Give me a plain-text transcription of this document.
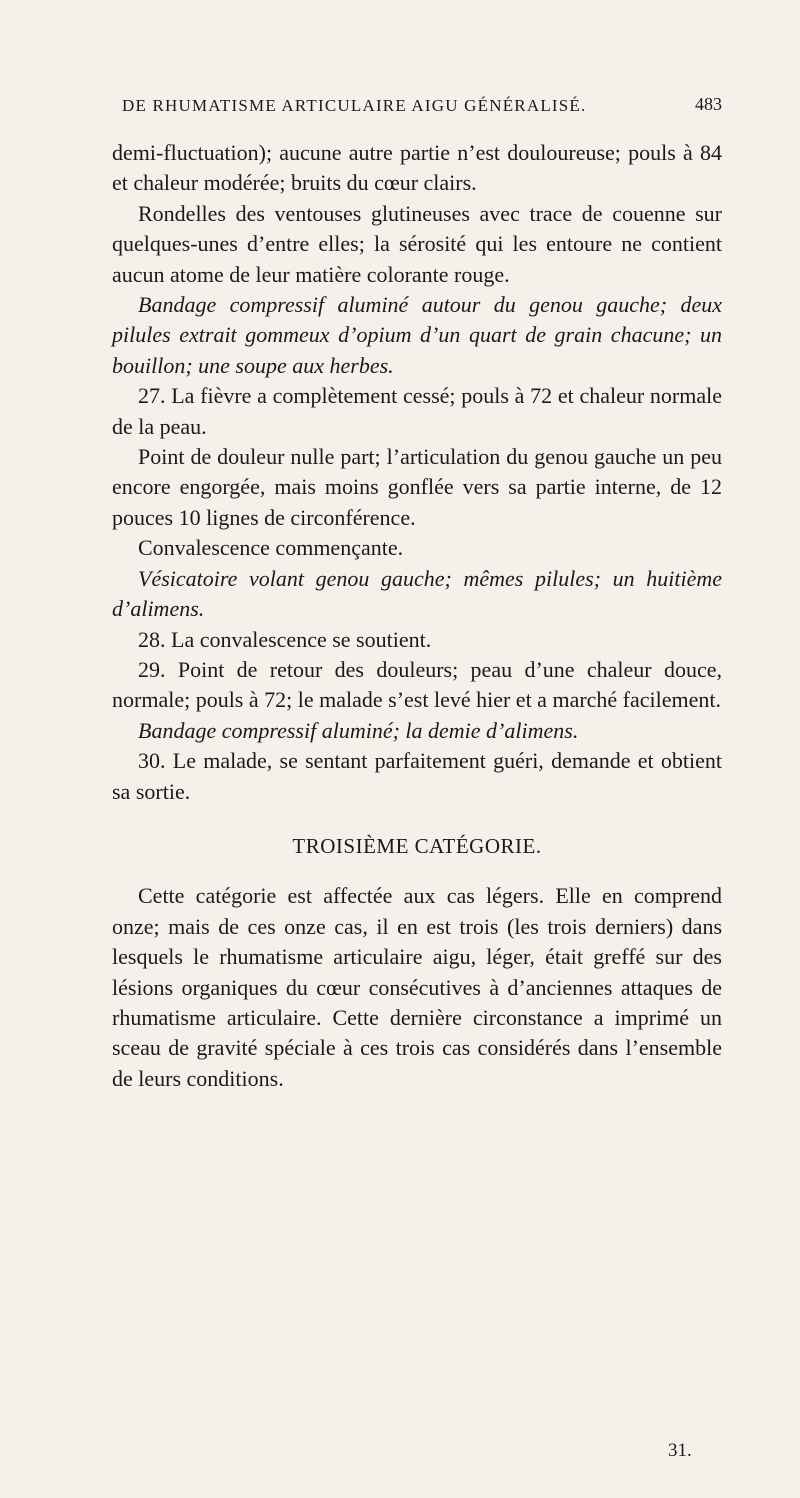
DE RHUMATISME ARTICULAIRE AIGU GÉNÉRALISÉ.	483

demi-fluctuation); aucune autre partie n’est douloureuse; pouls à 84 et chaleur modérée; bruits du cœur clairs.

Rondelles des ventouses glutineuses avec trace de couenne sur quelques-unes d’entre elles; la sérosité qui les entoure ne contient aucun atome de leur matière colorante rouge.

Bandage compressif aluminé autour du genou gauche; deux pilules extrait gommeux d’opium d’un quart de grain chacune; un bouillon; une soupe aux herbes.

27. La fièvre a complètement cessé; pouls à 72 et chaleur normale de la peau.

Point de douleur nulle part; l’articulation du genou gauche un peu encore engorgée, mais moins gonflée vers sa partie interne, de 12 pouces 10 lignes de circonférence.

Convalescence commençante.

Vésicatoire volant genou gauche; mêmes pilules; un huitième d’alimens.

28. La convalescence se soutient.

29. Point de retour des douleurs; peau d’une chaleur douce, normale; pouls à 72; le malade s’est levé hier et a marché facilement.

Bandage compressif aluminé; la demie d’alimens.

30. Le malade, se sentant parfaitement guéri, demande et obtient sa sortie.

TROISIÈME CATÉGORIE.

Cette catégorie est affectée aux cas légers. Elle en comprend onze; mais de ces onze cas, il en est trois (les trois derniers) dans lesquels le rhumatisme articulaire aigu, léger, était greffé sur des lésions organiques du cœur consécutives à d’anciennes attaques de rhumatisme articulaire. Cette dernière circonstance a imprimé un sceau de gravité spéciale à ces trois cas considérés dans l’ensemble de leurs conditions.

31.
